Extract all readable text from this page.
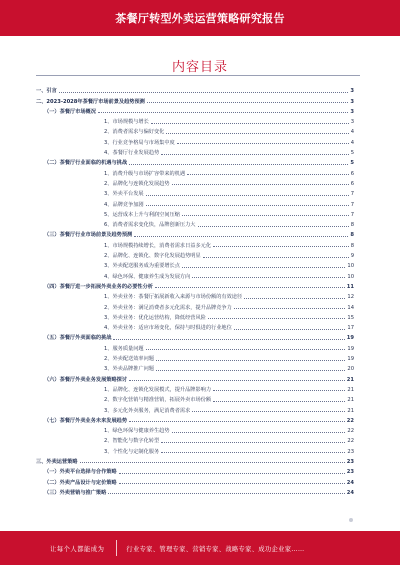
茶餐厅转型外卖运营策略研究报告
内容目录
一、引言	3
二、2023-2028年茶餐厅市场前景及趋势预测	3
（一）茶餐厅市场概况	3
1、市场规模与增长	3
2、消费者需求与偏好变化	4
3、行业竞争格局与市场集中度	4
4、茶餐厅行业发展趋势	5
（二）茶餐厅行业面临的机遇与挑战	5
1、消费升级与市场扩容带来的机遇	6
2、品牌化与连锁化发展趋势	6
3、外卖平台发展	7
4、品牌竞争加剧	7
5、运营成本上升与利润空间压缩	7
6、消费者需求变化快，品牌创新压力大	8
（三）茶餐厅行业市场前景及趋势预测	8
1、市场规模持续增长，消费者需求日益多元化	8
2、品牌化、连锁化、数字化发展趋势明显	9
3、外卖配送服务成为重要增长点	10
4、绿色环保、健康养生成为发展方向	10
（四）茶餐厅进一步拓展外卖业务的必要性分析	11
1、外卖业务：茶餐厅拓展新收入来源与市场份额的有效途径	12
2、外卖业务：满足消费者多元化需求，提升品牌竞争力	14
3、外卖业务：优化运营结构，降低经营风险	15
4、外卖业务：适应市场变化，保持与时俱进的行业地位	17
（五）茶餐厅外卖面临的挑战	19
1、服务质量问题	19
2、外卖配送效率问题	19
3、外卖品牌推广问题	20
（六）茶餐厅外卖业务发展策略探讨	21
1、品牌化、连锁化发展模式，提升品牌影响力	21
2、数字化营销与精准营销，拓展外卖市场份额	21
3、多元化外卖服务，满足消费者需求	21
（七）茶餐厅外卖业务未来发展趋势	22
1、绿色环保与健康养生趋势	22
2、智能化与数字化转型	22
3、个性化与定制化服务	23
三、外卖运营策略	23
（一）外卖平台选择与合作策略	23
（二）外卖产品设计与定价策略	24
（三）外卖营销与推广策略	24
让每个人都能成为	行业专家、管理专家、营销专家、战略专家、成功企业家……
